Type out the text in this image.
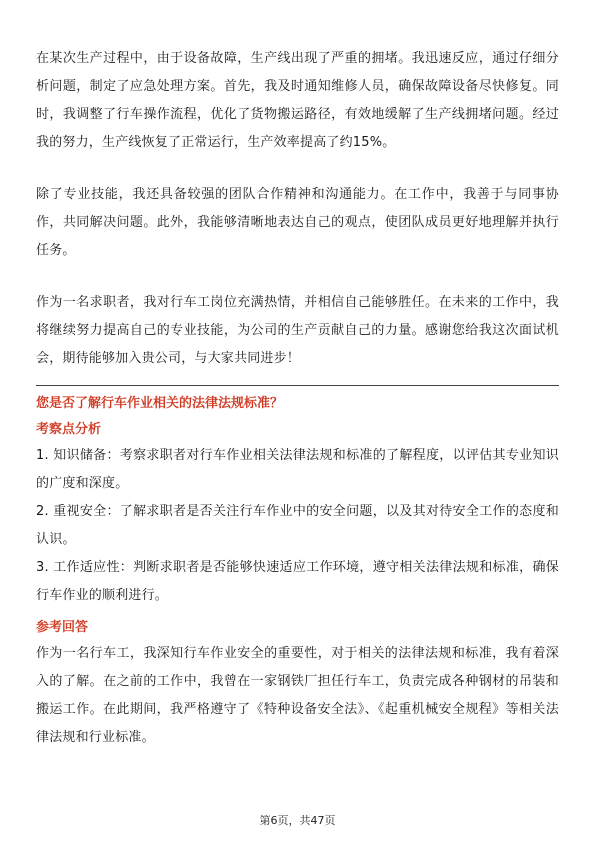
在某次生产过程中，由于设备故障，生产线出现了严重的拥堵。我迅速反应，通过仔细分析问题，制定了应急处理方案。首先，我及时通知维修人员，确保故障设备尽快修复。同时，我调整了行车操作流程，优化了货物搬运路径，有效地缓解了生产线拥堵问题。经过我的努力，生产线恢复了正常运行，生产效率提高了约15%。

除了专业技能，我还具备较强的团队合作精神和沟通能力。在工作中，我善于与同事协作，共同解决问题。此外，我能够清晰地表达自己的观点，使团队成员更好地理解并执行任务。

作为一名求职者，我对行车工岗位充满热情，并相信自己能够胜任。在未来的工作中，我将继续努力提高自己的专业技能，为公司的生产贡献自己的力量。感谢您给我这次面试机会，期待能够加入贵公司，与大家共同进步！

您是否了解行车作业相关的法律法规标准？

考察点分析

1. 知识储备：考察求职者对行车作业相关法律法规和标准的了解程度，以评估其专业知识的广度和深度。

2. 重视安全：了解求职者是否关注行车作业中的安全问题，以及其对待安全工作的态度和认识。

3. 工作适应性：判断求职者是否能够快速适应工作环境，遵守相关法律法规和标准，确保行车作业的顺利进行。

参考回答

作为一名行车工，我深知行车作业安全的重要性，对于相关的法律法规和标准，我有着深入的了解。在之前的工作中，我曾在一家钢铁厂担任行车工，负责完成各种钢材的吊装和搬运工作。在此期间，我严格遵守了《特种设备安全法》、《起重机械安全规程》等相关法律法规和行业标准。

第6页，共47页
